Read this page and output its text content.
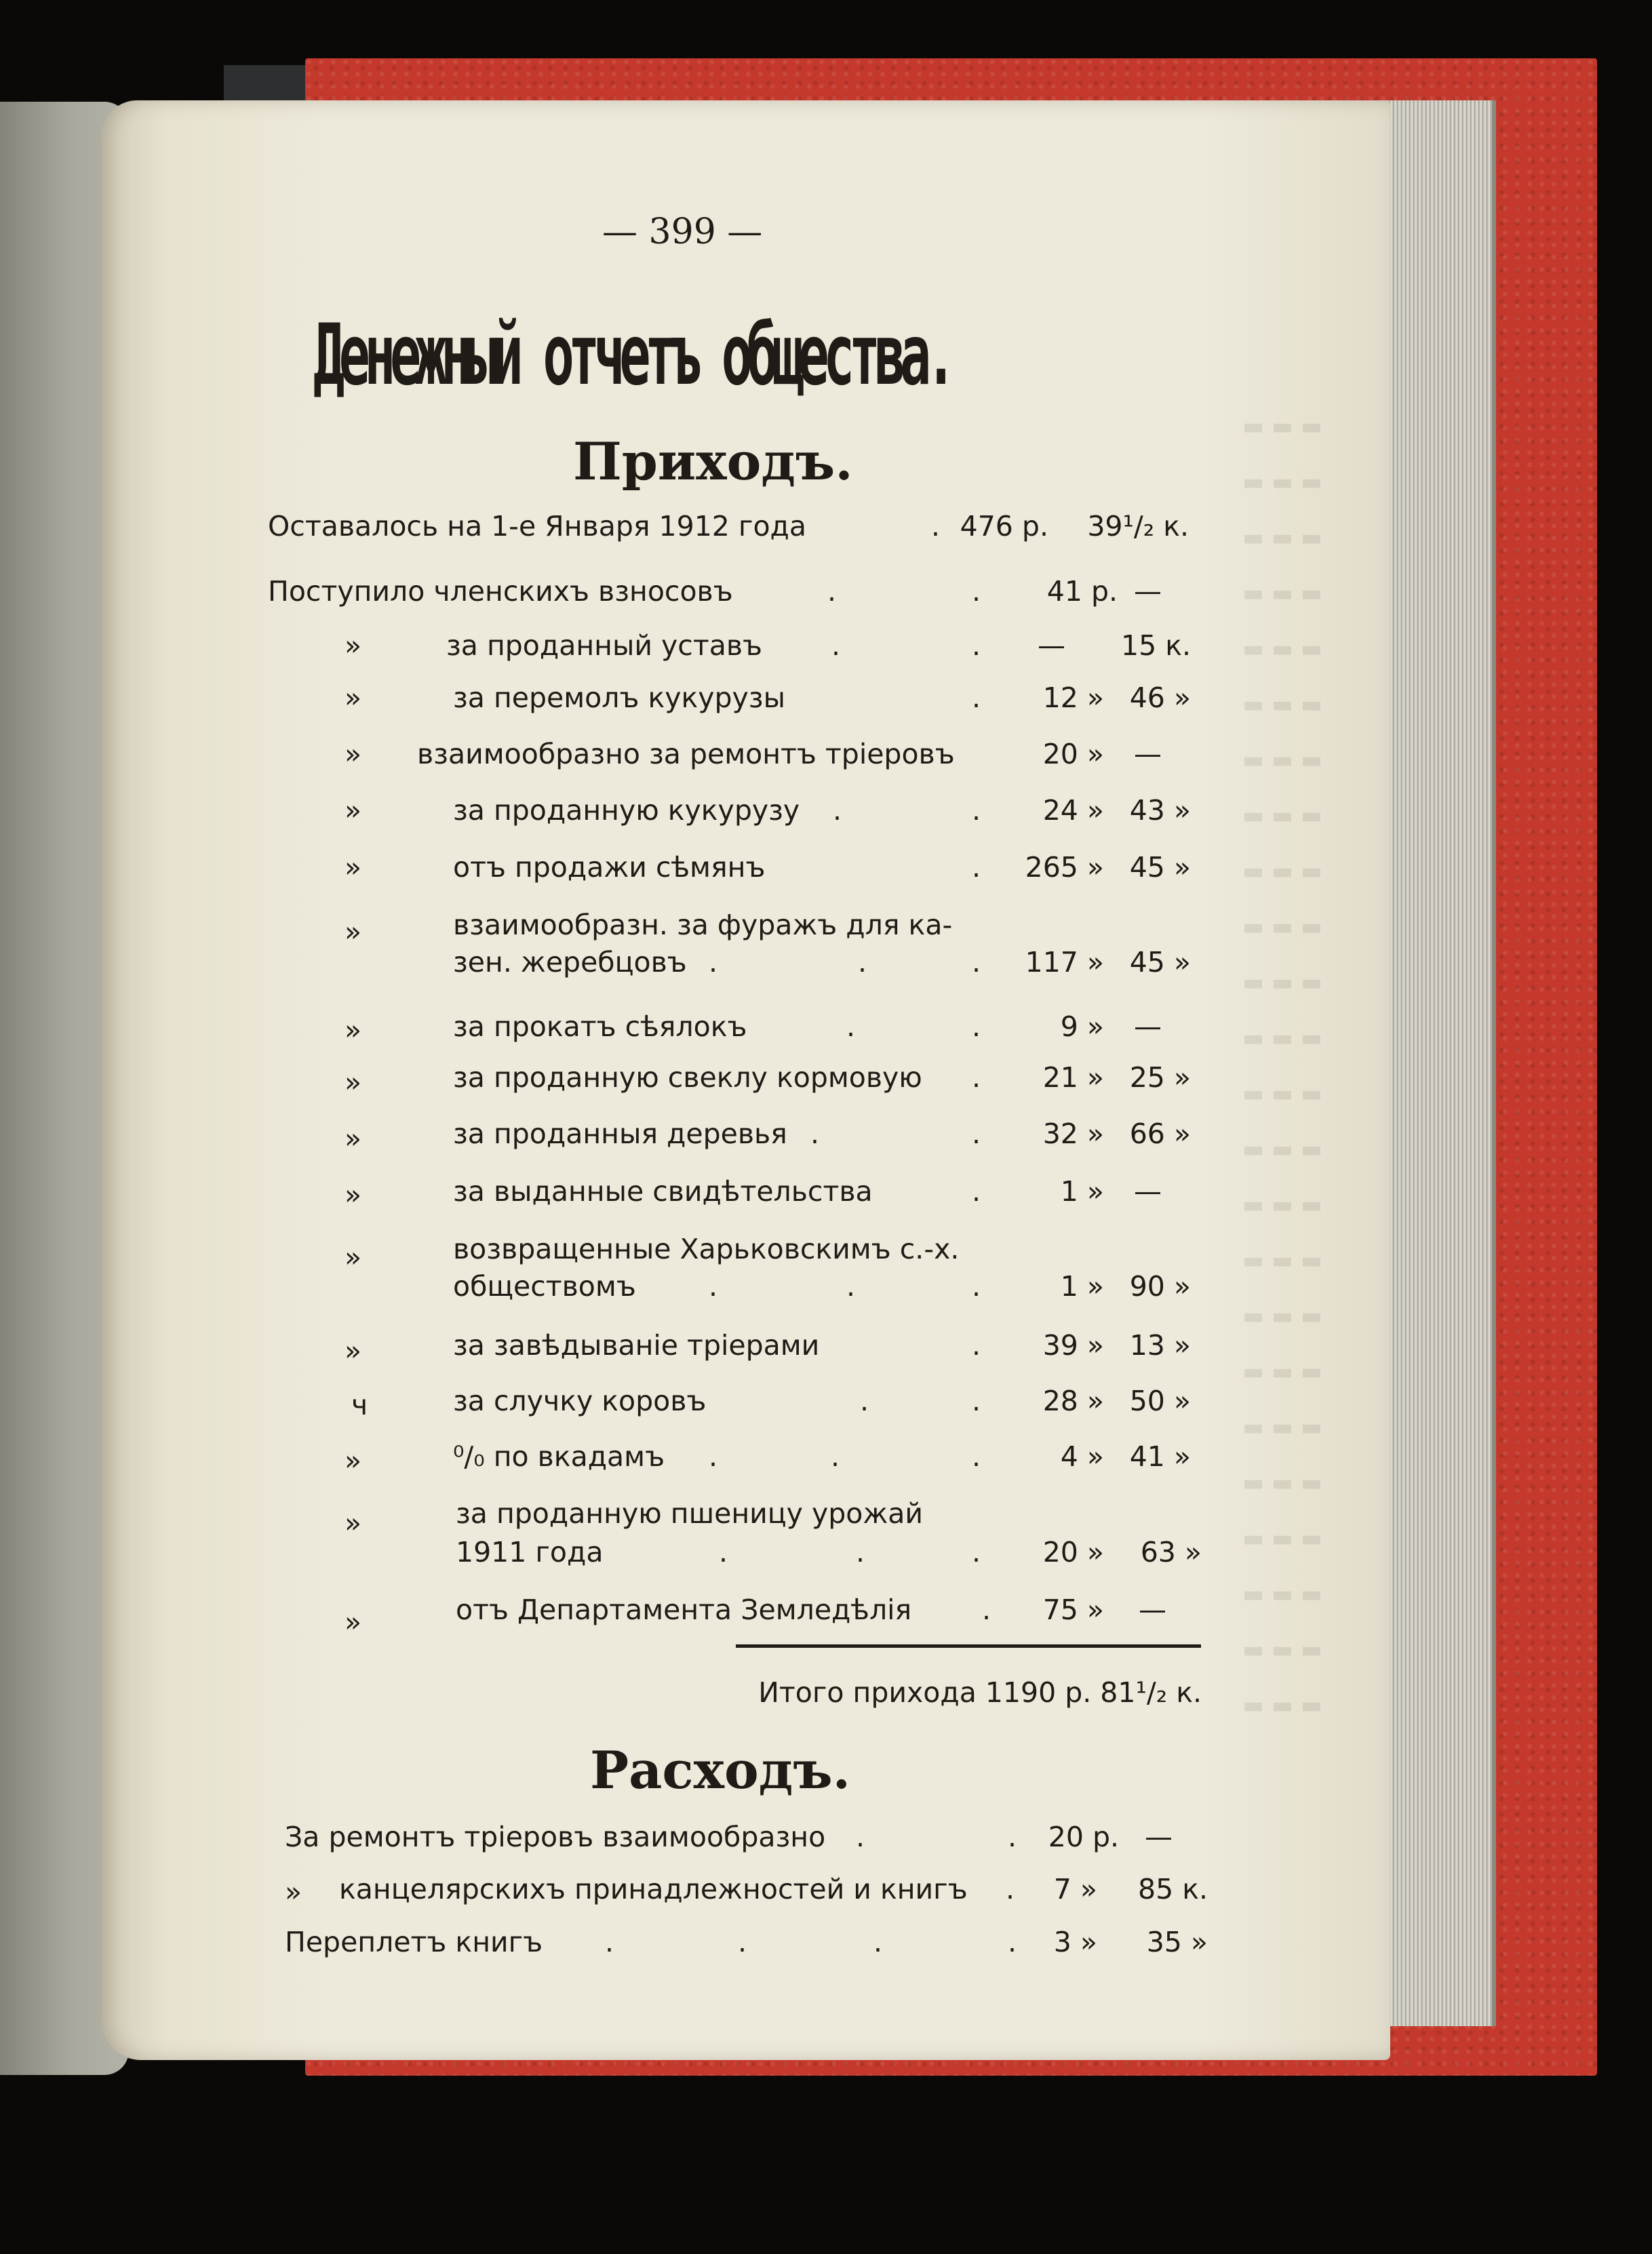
▬ ▬ ▬
▬ ▬ ▬
▬ ▬ ▬
▬ ▬ ▬
▬ ▬ ▬
▬ ▬ ▬
▬ ▬ ▬
▬ ▬ ▬
▬ ▬ ▬
▬ ▬ ▬
▬ ▬ ▬
▬ ▬ ▬
▬ ▬ ▬
▬ ▬ ▬
▬ ▬ ▬
▬ ▬ ▬
▬ ▬ ▬
▬ ▬ ▬
▬ ▬ ▬
▬ ▬ ▬
▬ ▬ ▬
▬ ▬ ▬
▬ ▬ ▬
▬ ▬ ▬
— 399 —
Денежный отчетъ общества.
Приходъ.
Оставалось на 1-е Января 1912 года	. 476 р. 39¹/₂ к.
Поступило членскихъ взносовъ	.	. 41 р. —
»	за проданный уставъ .	. — 15 к.
»	за перемолъ кукурузы	. 12 » 46 »
» взаимообразно за ремонтъ тріеровъ	20 » —
»	за проданную кукурузу .	. 24 » 43 »
»	отъ продажи сѣмянъ	. 265 » 45 »
»	взаимообразн. за фуражъ для ка-
зен. жеребцовъ .	.	. 117 » 45 »
»	за прокатъ сѣялокъ	.	.	9 » —
»	за проданную свеклу кормовую . 21 » 25 »
»	за проданныя деревья .	. 32 » 66 »
»	за выданные свидѣтельства	.	1 » —
»	возвращенные Харьковскимъ с.-х.
обществомъ	.	.	.	1 » 90 »
»	за завѣдываніе тріерами	. 39 » 13 »
ч	за случку коровъ	.	. 28 » 50 »
»	⁰/₀ по вкадамъ .	.	.	4 » 41 »
»	за проданную пшеницу урожай
1911 года	.	.	. 20 » 63 »
»	отъ Департамента Земледѣлія	. 75 » —
Итого прихода 1190 р. 81¹/₂ к.
Расходъ.
За ремонтъ тріеровъ взаимообразно .	. 20 р. —
» канцелярскихъ принадлежностей и книгъ . 7 » 85 к.
Переплетъ книгъ .	.	.	. 3 » 35 »
